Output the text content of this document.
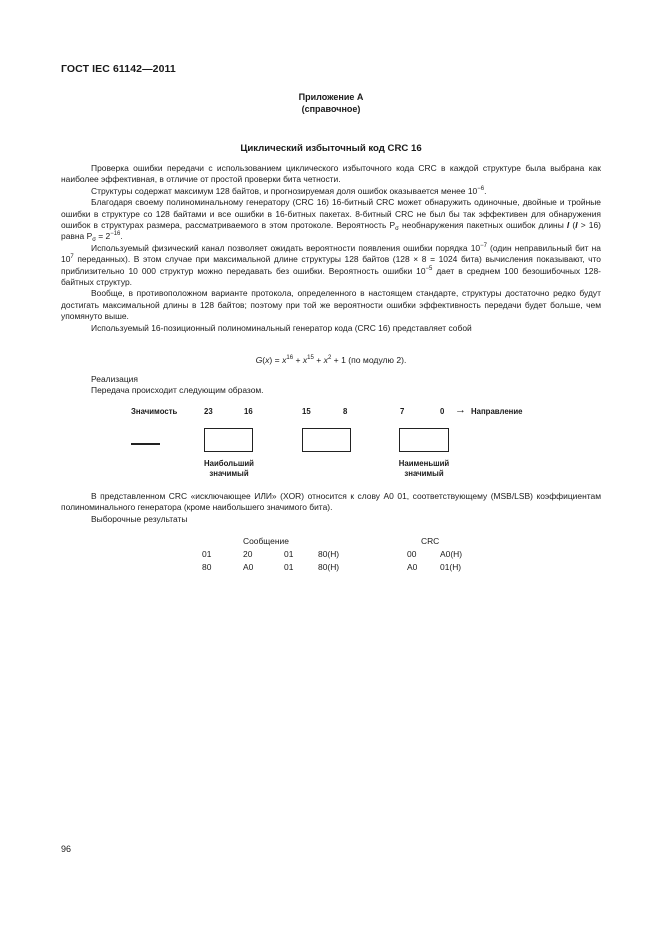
ГОСТ IEC 61142—2011
Приложение А
(справочное)
Циклический избыточный код CRC 16

Проверка ошибки передачи с использованием циклического избыточного кода CRC в каждой структуре была выбрана как наиболее эффективная, в отличие от простой проверки бита четности.

Структуры содержат максимум 128 байтов, и прогнозируемая доля ошибок оказывается менее $10^{-6}$.

Благодаря своему полиноминальному генератору (CRC 16) 16-битный CRC может обнаружить одиночные, двойные и тройные ошибки в структуре со 128 байтами и все ошибки в 16-битных пакетах. 8-битный CRC не был бы так эффективен для обнаружения ошибок в структурах размера, рассматриваемого в этом протоколе. Вероятность $P_\sigma$ необнаружения пакетных ошибок длины l (l > 16) равна $P_\sigma = 2^{-16}$.

Используемый физический канал позволяет ожидать вероятности появления ошибки порядка $10^{-7}$ (один неправильный бит на $10^7$ переданных). В этом случае при максимальной длине структуры 128 байтов (128 × 8 = 1024 бита) вычисления показывают, что приблизительно 10 000 структур можно передавать без ошибки. Вероятность ошибки $10^{-5}$ дает в среднем 100 безошибочных 128-байтных структур.

Вообще, в противоположном варианте протокола, определенного в настоящем стандарте, структуры достаточно редко будут достигать максимальной длины в 128 байтов; поэтому при той же вероятности ошибки эффективность передачи будет больше, чем упомянуто выше.

Используемый 16-позиционный полиноминальный генератор кода (CRC 16) представляет собой

$G(x) = x^{16} + x^{15} + x^2 + 1$ (по модулю 2).

Реализация

Передача происходит следующим образом.

Значимость	23	16	15	8	7	0 → Направление
Наибольший
значимый
Наименьший
значимый

В представленном CRC «исключающее ИЛИ» (XOR) относится к слову А0 01, соответствующему (MSB/LSB) коэффициентам полиноминального генератора (кроме наибольшего значимого бита).

Выборочные результаты

Сообщение	CRC
01	20	01	80(H)	00	A0(H)
80	A0	01	80(H)	A0	01(H)
96
